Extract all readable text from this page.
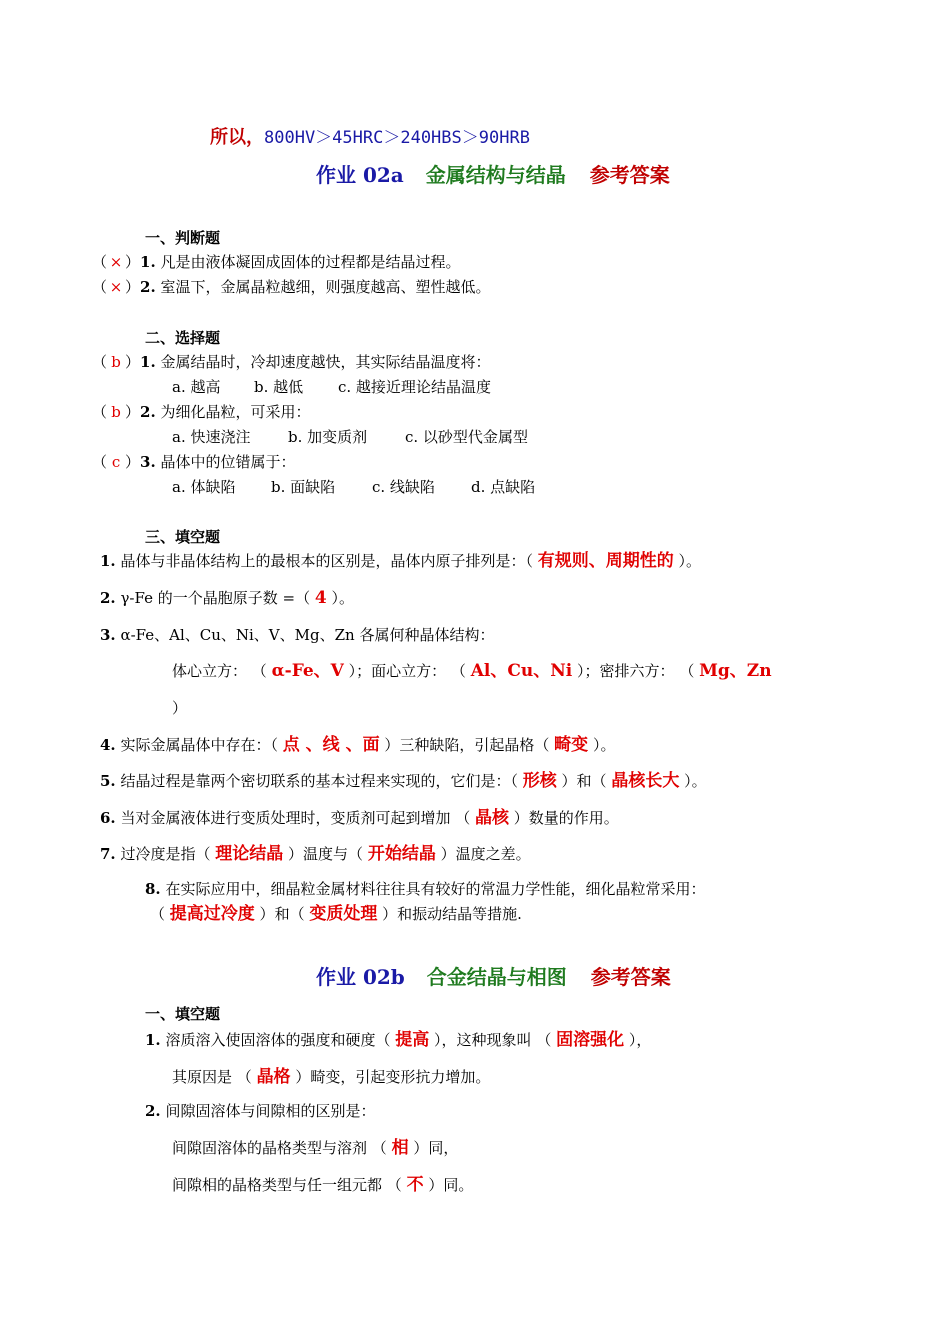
所以，800HV＞45HRC＞240HBS＞90HRB
作业 02a 金属结构与结晶 参考答案
一、判断题
（ × ）1. 凡是由液体凝固成固体的过程都是结晶过程。
（ × ）2. 室温下，金属晶粒越细，则强度越高、塑性越低。
二、选择题
（ b ）1. 金属结晶时，冷却速度越快，其实际结晶温度将：
a. 越高 b. 越低 c. 越接近理论结晶温度
（ b ）2. 为细化晶粒，可采用：
a. 快速浇注	b. 加变质剂	c. 以砂型代金属型
（ c ）3. 晶体中的位错属于：
a. 体缺陷 b. 面缺陷 c. 线缺陷 d. 点缺陷
三、填空题
1. 晶体与非晶体结构上的最根本的区别是，晶体内原子排列是：（ 有规则、周期性的 ）。
2. γ-Fe 的一个晶胞原子数 =（ 4 ）。
3. α-Fe、Al、Cu、Ni、V、Mg、Zn 各属何种晶体结构：
体心立方： （ α-Fe、V ）；面心立方： （ Al、Cu、Ni ）；密排六方： （ Mg、Zn
）
4. 实际金属晶体中存在：（ 点 、线 、面 ）三种缺陷，引起晶格（ 畸变 ）。
5. 结晶过程是靠两个密切联系的基本过程来实现的，它们是：（ 形核 ）和（ 晶核长大 ）。
6. 当对金属液体进行变质处理时，变质剂可起到增加 （ 晶核 ）数量的作用。
7. 过冷度是指（ 理论结晶 ）温度与（ 开始结晶 ）温度之差。
8. 在实际应用中，细晶粒金属材料往往具有较好的常温力学性能，细化晶粒常采用：
（ 提高过冷度 ）和（ 变质处理 ）和振动结晶等措施.
作业 02b 合金结晶与相图 参考答案
一、填空题
1. 溶质溶入使固溶体的强度和硬度（ 提高 ），这种现象叫 （ 固溶强化 ），
其原因是 （ 晶格 ）畸变，引起变形抗力增加。
2. 间隙固溶体与间隙相的区别是：
间隙固溶体的晶格类型与溶剂 （ 相 ）同，
间隙相的晶格类型与任一组元都 （ 不 ）同。
